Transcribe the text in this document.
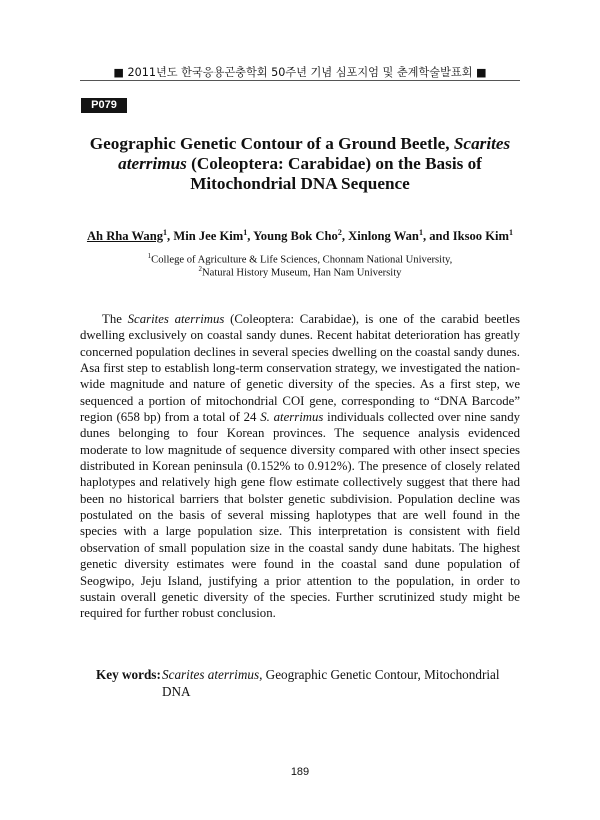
■ 2011년도 한국응용곤충학회 50주년 기념 심포지엄 및 춘계학술발표회 ■
P079
Geographic Genetic Contour of a Ground Beetle, Scarites aterrimus (Coleoptera: Carabidae) on the Basis of Mitochondrial DNA Sequence
Ah Rha Wang$^1$, Min Jee Kim$^1$, Young Bok Cho$^2$, Xinlong Wan$^1$, and Iksoo Kim$^1$
$^1$College of Agriculture & Life Sciences, Chonnam National University,
$^2$Natural History Museum, Han Nam University

The Scarites aterrimus (Coleoptera: Carabidae), is one of the carabid beetles dwelling exclusively on coastal sandy dunes. Recent habitat deterioration has greatly concerned population declines in several species dwelling on the coastal sandy dunes. Asa first step to establish long-term conservation strategy, we investigated the nation-wide magnitude and nature of genetic diversity of the species. As a first step, we sequenced a portion of mitochondrial COI gene, corresponding to “DNA Barcode” region (658 bp) from a total of 24 S. aterrimus individuals collected over nine sandy dunes belonging to four Korean provinces. The sequence analysis evidenced moderate to low magnitude of sequence diversity compared with other insect species distributed in Korean peninsula (0.152% to 0.912%). The presence of closely related haplotypes and relatively high gene flow estimate collectively suggest that there had been no historical barriers that bolster genetic subdivision. Population decline was postulated on the basis of several missing haplotypes that are well found in the species with a large population size. This interpretation is consistent with field observation of small population size in the coastal sandy dune habitats. The highest genetic diversity estimates were found in the coastal sand dune population of Seogwipo, Jeju Island, justifying a prior attention to the population, in order to sustain overall genetic diversity of the species. Further scrutinized study might be required for further robust conclusion.

Key words: Scarites aterrimus, Geographic Genetic Contour, Mitochondrial DNA
189
